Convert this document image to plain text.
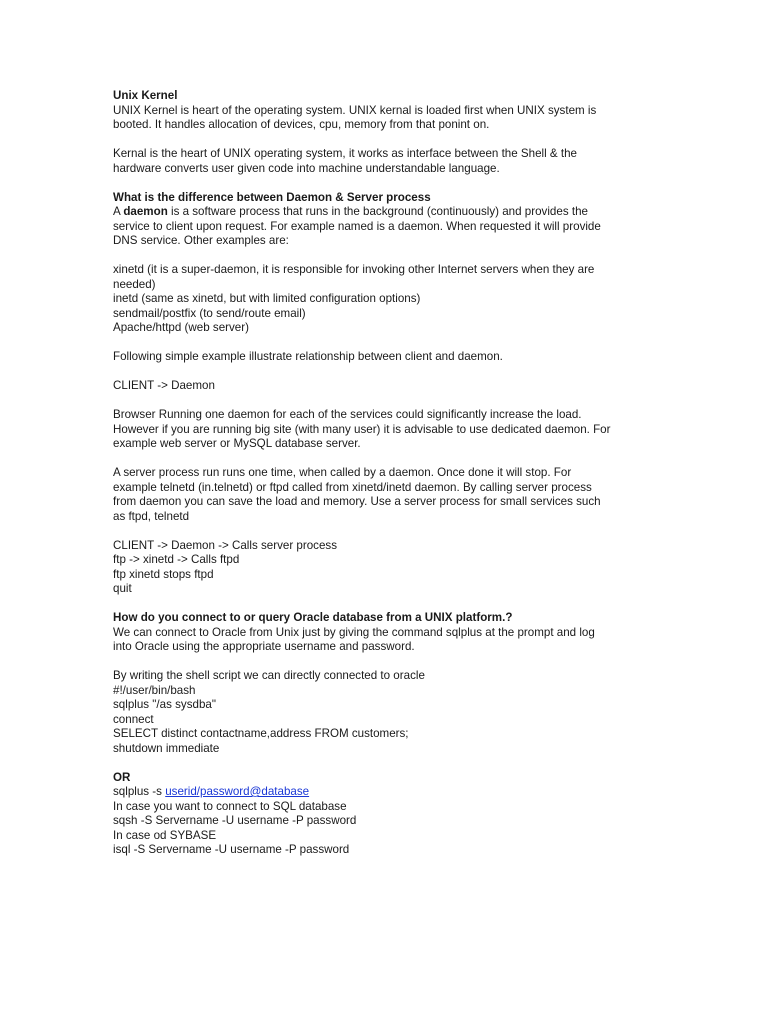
Unix Kernel
UNIX Kernel is heart of the operating system. UNIX kernal is loaded first when UNIX system is
booted. It handles allocation of devices, cpu, memory from that ponint on.
Kernal is the heart of UNIX operating system, it works as interface between the Shell & the
hardware converts user given code into machine understandable language.
What is the difference between Daemon & Server process
A daemon is a software process that runs in the background (continuously) and provides the
service to client upon request. For example named is a daemon. When requested it will provide
DNS service. Other examples are:
xinetd (it is a super-daemon, it is responsible for invoking other Internet servers when they are
needed)
inetd (same as xinetd, but with limited configuration options)
sendmail/postfix (to send/route email)
Apache/httpd (web server)
Following simple example illustrate relationship between client and daemon.
CLIENT -> Daemon
Browser Running one daemon for each of the services could significantly increase the load.
However if you are running big site (with many user) it is advisable to use dedicated daemon. For
example web server or MySQL database server.
A server process run runs one time, when called by a daemon. Once done it will stop. For
example telnetd (in.telnetd) or ftpd called from xinetd/inetd daemon. By calling server process
from daemon you can save the load and memory. Use a server process for small services such
as ftpd, telnetd
CLIENT -> Daemon -> Calls server process
ftp -> xinetd -> Calls ftpd
ftp xinetd stops ftpd
quit
How do you connect to or query Oracle database from a UNIX platform.?
We can connect to Oracle from Unix just by giving the command sqlplus at the prompt and log
into Oracle using the appropriate username and password.
By writing the shell script we can directly connected to oracle
#!/user/bin/bash
sqlplus "/as sysdba"
connect
SELECT distinct contactname,address FROM customers;
shutdown immediate
OR
sqlplus -s userid/password@database
In case you want to connect to SQL database
sqsh -S Servername -U username -P password
In case od SYBASE
isql -S Servername -U username -P password
